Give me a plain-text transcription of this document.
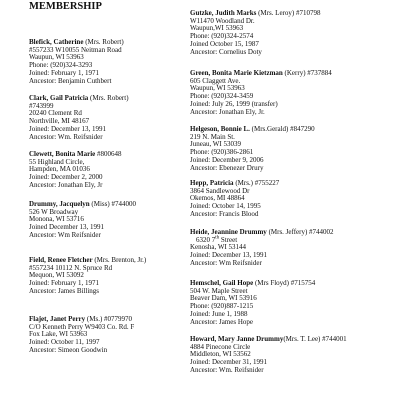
MEMBERSHIP
Blefick, Catherine (Mrs. Robert)
#557233 W10055 Neitman Road
Waupun, WI 53963
Phone: (920)324-3293
Joined: February 1, 1971
Ancestor: Benjamin Cuthbert
Clark, Gail Patricia (Mrs. Robert)
#743999
20240 Clement Rd
Northville, MI 48167
Joined: December 13, 1991
Ancestor: Wm. Reifsnider
Clewett, Bonita Marie #800648
55 Highland Circle,
Hampden, MA 01036
Joined: December 2, 2000
Ancestor: Jonathan Ely, Jr
Drummy, Jacquelyn (Miss) #744000
526 W Broadway
Monona, WI 53716
Joined December 13, 1991
Ancestor: Wm Reifsnider
Field, Renee Fletcher (Mrs. Brenton, Jr.)
#557234 10112 N. Spruce Rd
Mequon, WI 53092
Joined: February 1, 1971
Ancestor: James Billings
Flajet, Janet Perry (Ms.) #0779970
C/O Kenneth Perry W9403 Co. Rd. F
Fox Lake, WI 53963
Joined: October 11, 1997
Ancestor: Simeon Goodwin
Gutzke, Judith Marks (Mrs. Leroy) #710798
W11470 Woodland Dr.
Waupun,WI 53963
Phone: (920)324-2574
Joined October 15, 1987
Ancestor: Cornelius Doty
Green, Bonita Marie Kietzman (Kerry) #737884
605 Claggett Ave.
Waupun, WI 53963
Phone: (920)324-3459
Joined: July 26, 1999 (transfer)
Ancestor: Jonathan Ely, Jr.
Helgeson, Bonnie L. (Mrs.Gerald) #847290
219 N. Main St.
Juneau, WI 53039
Phone: (920)386-2861
Joined: December 9, 2006
Ancestor: Ebenezer Drury
Hepp, Patricia (Mrs.) #755227
3864 Sandlewood Dr
Okemos, MI 48864
Joined: October 14, 1995
Ancestor: Francis Blood
Heide, Jeannine Drummy (Mrs. Jeffery) #744002
6320 7th Street
Kenosha, WI 53144
Joined: December 13, 1991
Ancestor: Wm Reifsnider
Hemschel, Gail Hope (Mrs Floyd) #715754
504 W. Maple Street
Beaver Dam, WI 53916
Phone: (920)887-1215
Joined: June 1, 1988
Ancestor: James Hope
Howard, Mary Janne Drummy(Mrs. T. Lee) #744001
4884 Pinecone Circle
Middleton, WI 53562
Joined: December 31, 1991
Ancestor: Wm. Reifsnider
